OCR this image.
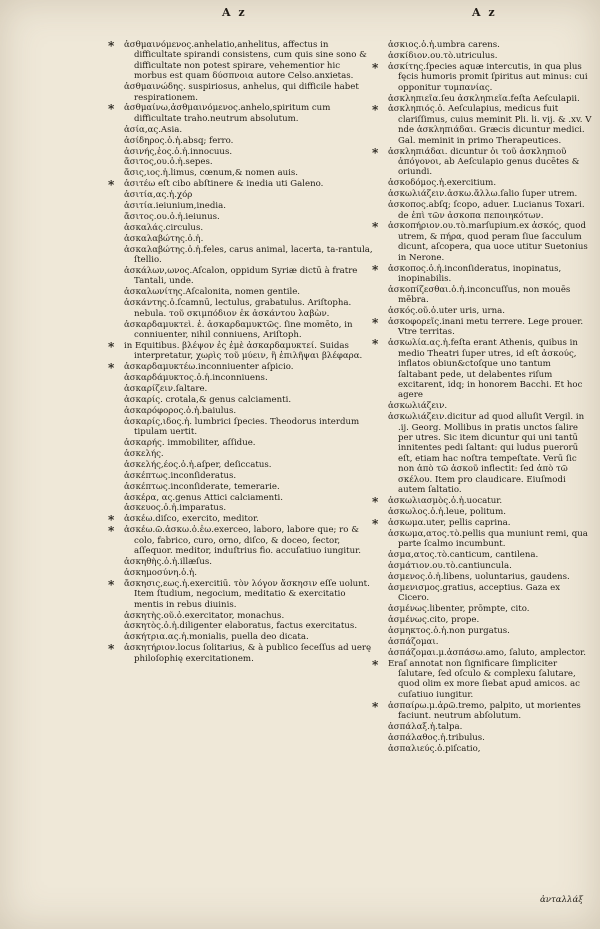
A z	A z

* ἀσθμαινόμενος.anhelatio,anhelitus, affectus in difficultate spirandi consistens, cum quis sine sono & difficultate non potest spirare, vehementior hic morbus est quam δύσπνοια autore Celso.anxietas.

ἀσθμαινώδης. suspiriosus, anhelus, qui difficile habet respirationem.

* ἀσθμαίνω,ἀσθμαινόμενος.anhelo,spiritum cum difficultate traho.neutrum absolutum.

ἀσία,ας.Asia.

ἀσίδηρος.ὁ.ἡ.absq; ferro.

ἀσινής,ἐος.ὁ.ἡ.innocuus.

ἄσιτος,ου.ὁ.ἡ.sepes.

ἄσις,ιος.ἡ.limus, cœnum,& nomen auis.

* ἀσιτέω eſt cibo abſtinere & inedia uti Galeno.

ἀσιτία,ας.ἡ.χόρ

ἀσιτία.ieiunium,inedia.

ἄσιτος.ου.ὁ.ἡ.ieiunus.

ἀσκαλάς.circulus.

ἀσκαλαβώτης.ὁ.ἡ.

ἀσκαλαβώτης.ὁ.ἡ.feles, carus animal, lacerta, ta-rantula, ſtellio.

ἀσκάλων,ωνος.Aſcalon, oppidum Syriæ dictū à fratre Tantali, unde.

ἀσκαλωνίτης.Aſcalonita, nomen gentile.

ἀσκάντης.ὁ.ſcamnū, lectulus, grabatulus. Ariſtopha. nebula. τοῦ σκιμπόδιον ἐκ ἀσκάντου λαβὼν.

ἀσκαρδαμυκτεὶ. ἐ. ἀσκαρδαμυκτῶς. ſine momēto, in conniuenter, nihil conniuens, Ariſtoph.

* in Equitibus. βλέψον ἐς ἐμὲ ἀσκαρδαμυκτεί. Suidas interpretatur, χωρὶς τοῦ μύειν, ἢ ἐπιλῆψαι βλέφαρα.

* ἀσκαρδαμυκτέω.inconniuenter aſpicio.

ἀσκαρδάμυκτος.ὁ.ἡ.inconniuens.

ἀσκαρίζειν.ſaltare.

ἀσκαρίς. crotala,& genus calciamenti.

ἀσκαρόφορος.ὁ.ἡ.baiulus.

ἀσκαρίς,ιδος.ἡ. lumbrici ſpecies. Theodorus interdum tipulam uertit.

ἀσκαρής. immobiliter, aſſidue.

ἀσκελής.

ἀσκελής,έος.ὁ.ἡ.aſper, deſiccatus.

ἀσκέπτως.inconſideratus.

ἀσκέπτως.inconſiderate, temerarie.

ἀσκέρα, ας.genus Attici calciamenti.

ἀσκευος.ὁ.ἡ.imparatus.

* ἀσκέω.diſco, exercito, meditor.

* ἀσκέω.ῶ.ἀσκω.ὁ.ἐω.exerceo, laboro, labore que; ro & colo, fabrico, curo, orno, diſco, & doceo, ſector, aſſequor. meditor, induſtrius fio. accuſatiuo iungitur.

ἀσκηθὴς.ὁ.ἡ.illæſus.

ἀσκημοσύνη.ὁ.ἡ.

* ἄσκησις,εως.ἡ.exercitiū. τὸν λόγον ἄσκησιν eſſe uolunt. Item ſtudium, negocium, meditatio & exercitatio mentis in rebus diuinis.

ἀσκητὴς.οῦ.ὁ.exercitator, monachus.

ἀσκητὸς.ὁ.ἡ.diligenter elaboratus, factus exercitatus.

ἀσκήτρια.ας.ἡ.monialis, puella deo dicata.

* ἀσκητήριον.locus ſolitarius, & à publico ſeceſſus ad uerę philoſophię exercitationem.

ἀσκιος.ὁ.ἡ.umbra carens.

ἀσκίδιον.ου.τὸ.utriculus.

* ἀσκίτης.ſpecies aquæ intercutis, in qua plus fęcis humoris promit ſpiritus aut minus: cui opponitur τυμπανίας.

ἀσκληπιεῖα.ſeu ἀσκληπιεῖα.feſta Aeſculapii.

* ἀσκληπιός.ὁ. Aeſculapius, medicus fuit clariſſimus, cuius meminit Pli. li. vij. & .xv. V nde ἀσκληπιάδαι. Græcis dicuntur medici. Gal. meminit in primo Therapeutices.

* ἀσκληπιάδαι. dicuntur ὁι τοῦ ἀσκληπιοῦ ἀπόγονοι, ab Aeſculapio genus ducētes & oriundi.

ἀσκοδόμος.ἡ.exercitium.

ἀσκωλιάζειν.ἀσκω.ἄλλω.ſalio ſuper utrem.

ἀσκοπος.abſq; ſcopo, aduer. Lucianus Toxari. de ἐπὶ τῶν ἀσκοπα πεποιηκότων.

* ἀσκοπήριον.ου.τὸ.marſupium.ex ἀσκός, quod utrem, & πήρα, quod peram ſiue ſacculum dicunt, aſcopera, qua uoce utitur Suetonius in Nerone.

* ἀσκοπος.ὁ.ἡ.inconſideratus, inopinatus, inopinabilis.

ἀσκοπίζεσθαι.ὁ.ἡ.inconcuſſus, non mouēs mēbra.

ἀσκός.οῦ.ὁ.uter uris, urna.

* ἀσκοφορεῖς.inani metu terrere. Lege prouer. Vtre territas.

* ἀσκωλία.ας.ἡ.feſta erant Athenis, quibus in medio Theatri ſuper utres, id eſt ἀσκούς, inflatos obiun&ctoſque uno tantum ſaltabant pede, ut delabentes riſum excitarent, idq; in honorem Bacchi. Et hoc agere

ἀσκωλιάζειν.

ἀσκωλιάζειν.dicitur ad quod alluſit Vergil. in .ij. Georg. Mollibus in pratis unctos ſalire per utres. Sic item dicuntur qui uni tantū innitentes pedi ſaltant: qui ludus puerorū eſt, etiam hac noſtra tempeſtate. Verū ſic non ἀπὸ τῶ ἀσκοῦ inflectit: ſed ἀπὸ τῶ σκέλου. Item pro claudicare. Eiuſmodi autem ſaltatio.

* ἀσκωλιασμὸς.ὁ.ἡ.uocatur.

ἀσκωλος.ὁ.ἡ.leue, politum.

* ἀσκωμα.uter, pellis caprina.

ἀσκωμα,ατος.τὸ.pellis qua muniunt remi, qua parte ſcalmo incumbunt.

ἀσμα,ατος.τὸ.canticum, cantilena.

ἀσμάτιον.ου.τὸ.cantiuncula.

ἀσμενος.ὁ.ἡ.libens, uoluntarius, gaudens.

ἀσμενισμος.gratius, acceptius. Gaza ex Cicero.

ἀσμένως.libenter, prōmpte, cito.

ἀσμένως.cito, prope.

ἀσμηκτος.ὁ.ἡ.non purgatus.

ἀσπάζομαι.

ἀσπάζομαι.μ.ἀσπάσω.amo, ſaluto, amplector.

* Eraſ annotat non ſignificare ſimpliciter ſalutare, ſed oſculo & complexu ſalutare, quod olim ex more ſiebat apud amicos. ac cuſatiuo iungitur.

* ἀσπαίρω.μ.ἀρῶ.tremo, palpito, ut morientes faciunt. neutrum abſolutum.

ἀσπάλαξ.ἡ.talpa.

ἀσπάλαθος.ἡ.tribulus.

ἀσπαλιεύς.ὁ.piſcatio,

ἀνταλλάξ
